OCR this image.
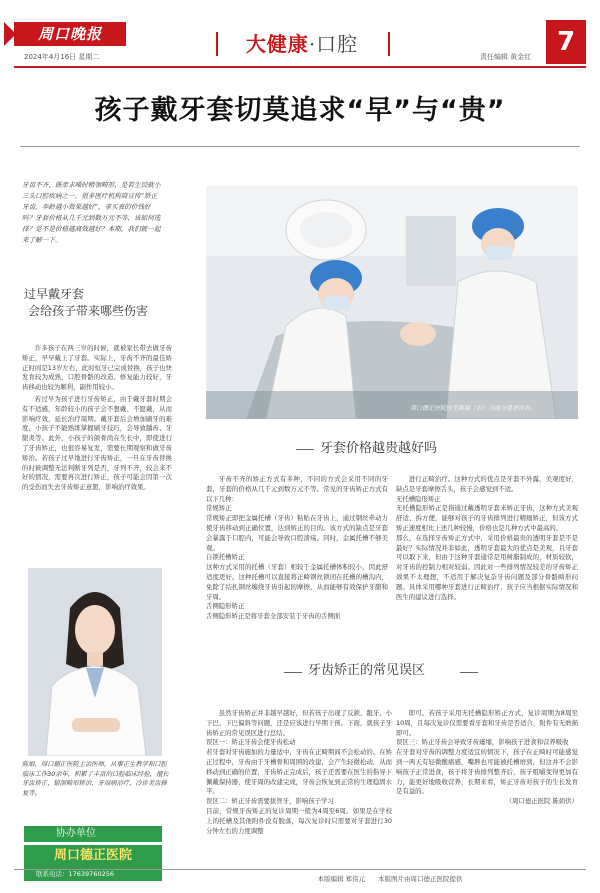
周口晚报
2024年4月16日 星期二
大健康·口腔
责任编辑 黄金红 7
孩子戴牙套切莫追求“早”与“贵”
牙齿不齐，既牵求嗓时稍领畸形，是若生饺就小三头口腔疾病之一。很多医疗机构商宣传“矫正牙齿，李龄越小效果越好”，拿买表的价钱好吗？牙套价格从几千元到数万元不等，该如何选择？是不是价格越高效越好？本期，我们就一起来了解一下。
过早戴牙套
会给孩子带来哪些伤害

许多孩子在两三岁的时候，就被家长带去做牙齿矫正，早早戴上了牙套。实际上，牙齿不齐的最佳矫正时间是13岁左右，此时恒牙已完成替换，孩子也快发育较为成熟，口腔骨骼的改造、修复能力较好，牙齿移动也较为顺利，副作用较小。

若过早为孩子进行牙齿矫正，由于戴牙套时期会有不适感，年龄较小的孩子会不想戴、不愿戴，从而影响疗效，延长治疗周期。戴牙套后会增加刷牙的难度，小孩子不能熟练掌握刷牙技巧，会导致龋齿、牙龈炎等。此外，小孩子的颌骨尚在生长中，即使进行了牙齿矫正，也很容易复发，需要长期观察和做牙齿矫治。若孩子过早地进行牙齿矫正，一旦在牙齿替换的时候调整无法判断牙列是否，牙列不齐，较会来不好的情况，需要再次进行矫正，孩子可能会因第一次的受伤而失去牙齿矫正意愿，影响治疗效果。

陈娟，周口德正医院主治医师，从事正生教学和口腔临床工作30余年，积累了丰富的口腔临床经验，擅长牙齿矫正，错颌畸形矫治、牙周病治疗、冷诊美齿修复等。
协办单位
周口德正医院
联系电话：17639760256
周口德正医院医生陈娟（右）为部分患者诊治。
牙套价格越贵越好吗
牙齿不齐的矫正方式有多种，不同的方式会采用不同的牙套，牙套的价格从几千元到数万元不等。常见的牙齿矫正方式有以下几种：
常规矫正
常规矫正即把金属托槽（牙齿）粘贴在牙齿上，通过钢丝牵动力使牙齿移动到正确位置，达到矫正的目的。该方式的缺点是牙套会暴露于口腔内，可能会导致口腔溃疡。同时，金属托槽不够美观。
自锁托槽矫正
这种方式采用的托槽（牙套）相较于金属托槽体积较小，因此舒适度更好。这种托槽可以直接将正畸钢丝锁闭在托槽的槽沟内，免除了结扎钢丝缠绕牙齿引起的摩擦，从而能够有效保护牙龈和牙周。
舌侧隐形矫正
舌侧隐形矫正是将牙套全部安装于牙齿的舌侧面
进行正畸治疗。这种方式的优点是牙套不外露，美观度好，缺点是牙套摩擦舌头，孩子会感觉到不适。
无托槽隐形矫正
无托槽隐形矫正是指通过戴透明牙套来矫正牙齿，这种方式美观舒适、拆方便，能够对孩子的牙齿排列进行精细矫正，但该方式矫正速度相比上述几种较慢，价格也是几种方式中最高的。
那么，在选择牙齿矫正方式中，采用价格最贵的透明牙套是不是最好？实际情况并非如此，透明牙套最大的优点是美观，且牙套可以取下来，但由于这种牙套通常是用树脂制成的，材质较软，对牙齿的控制力相对较弱。因此对一些排列情况较差的牙齿矫正效果不太理想，不适用于解决复杂牙齿问题及部分骨骼畸形问题。具体采用哪种牙套进行正畸治疗，孩子应当根据实际情况和医生的建议进行选择。
牙齿矫正的常见误区
虽然牙齿矫正并非越早越好，但若孩子出现了反颌、龅牙、小下巴、下巴偏斜等问题，还是应该进行早期干预。下面，就孩子牙齿矫正的常见误区进行总结。
误区一：矫正牙齿会使牙齿松动
若牙套对牙齿施加的力量适中，牙齿在正畸期间不会松动的。在矫正过程中，牙齿由于牙槽骨和周围的改建，会产生轻微松动，从而移动到正确的位置，牙齿矫正完成后，孩子还需要在医生的指导下佩戴保持器，使牙周的改建完成，牙齿会恢复到正常的生理稳固水平。
误区二：矫正牙齿需要拔智牙，影响孩子学习
目前，常规牙齿矫正的复诊周期一般为4周至6周。如果是在学校上的托槽及其他附件没有脱落，每次复诊时只需要对牙套进行30分钟左右的力度调整
即可。若孩子采用无托槽隐形矫正方式，复诊周期为8周至10周，且每次复诊仅需要看牙套和牙齿是否适合，附件有无磨损即可。
误区三：矫正牙齿会导致牙齿痿缩，影响孩子进食和营养吸收
在牙套对牙齿的调整力度适宜的情况下，孩子在正畸时可能感觉到一两天有轻微酸痛感，嘴唇也可能被托槽磨到，但这并不会影响孩子正常进食，孩子将牙齿排列整齐后，孩子咀嚼变得更加有力，能更好地吸收营养，长期来看，矫正牙齿对孩子的生长发育是有益的。
（周口德正医院 陈娟供）
本版编辑 郑伟元　　本版图片由周口德正医院提供
